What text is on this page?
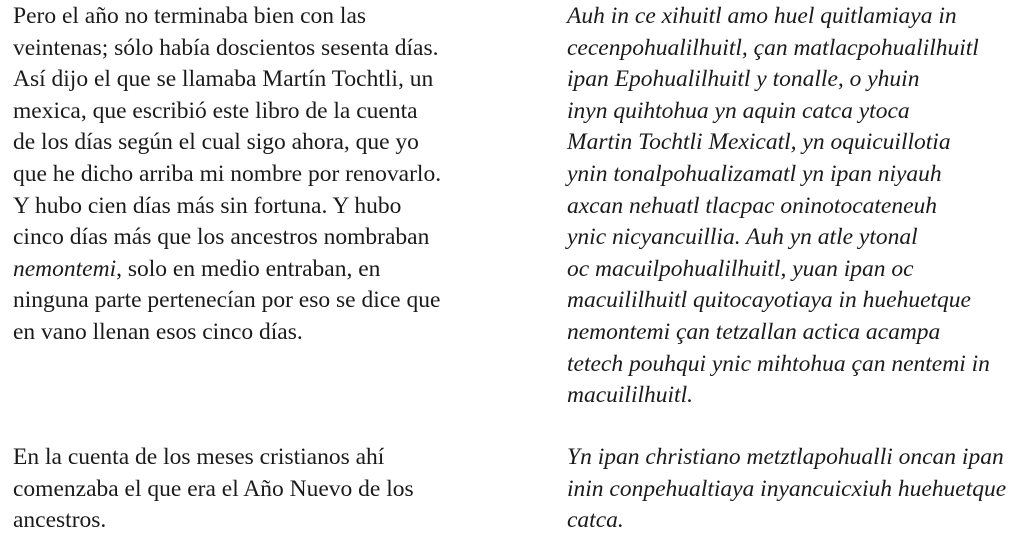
Pero el año no terminaba bien con las
veintenas; sólo había doscientos sesenta días.
Así dijo el que se llamaba Martín Tochtli, un
mexica, que escribió este libro de la cuenta
de los días según el cual sigo ahora, que yo
que he dicho arriba mi nombre por renovarlo.
Y hubo cien días más sin fortuna. Y hubo
cinco días más que los ancestros nombraban
nemontemi, solo en medio entraban, en
ninguna parte pertenecían por eso se dice que
en vano llenan esos cinco días.

En la cuenta de los meses cristianos ahí
comenzaba el que era el Año Nuevo de los
ancestros.

Auh in ce xihuitl amo huel quitlamiaya in
cecenpohualilhuitl, çan matlacpohualilhuitl
ipan Epohualilhuitl y tonalle, o yhuin
inyn quihtohua yn aquin catca ytoca
Martin Tochtli Mexicatl, yn oquicuillotia
ynin tonalpohualizamatl yn ipan niyauh
axcan nehuatl tlacpac oninotocateneuh
ynic nicyancuillia. Auh yn atle ytonal
oc macuilpohualilhuitl, yuan ipan oc
macuililhuitl quitocayotiaya in huehuetque
nemontemi çan tetzallan actica acampa
tetech pouhqui ynic mihtohua çan nentemi in
macuililhuitl.

Yn ipan christiano metztlapohualli oncan ipan
inin conpehualtiaya inyancuicxiuh huehuetque
catca.
